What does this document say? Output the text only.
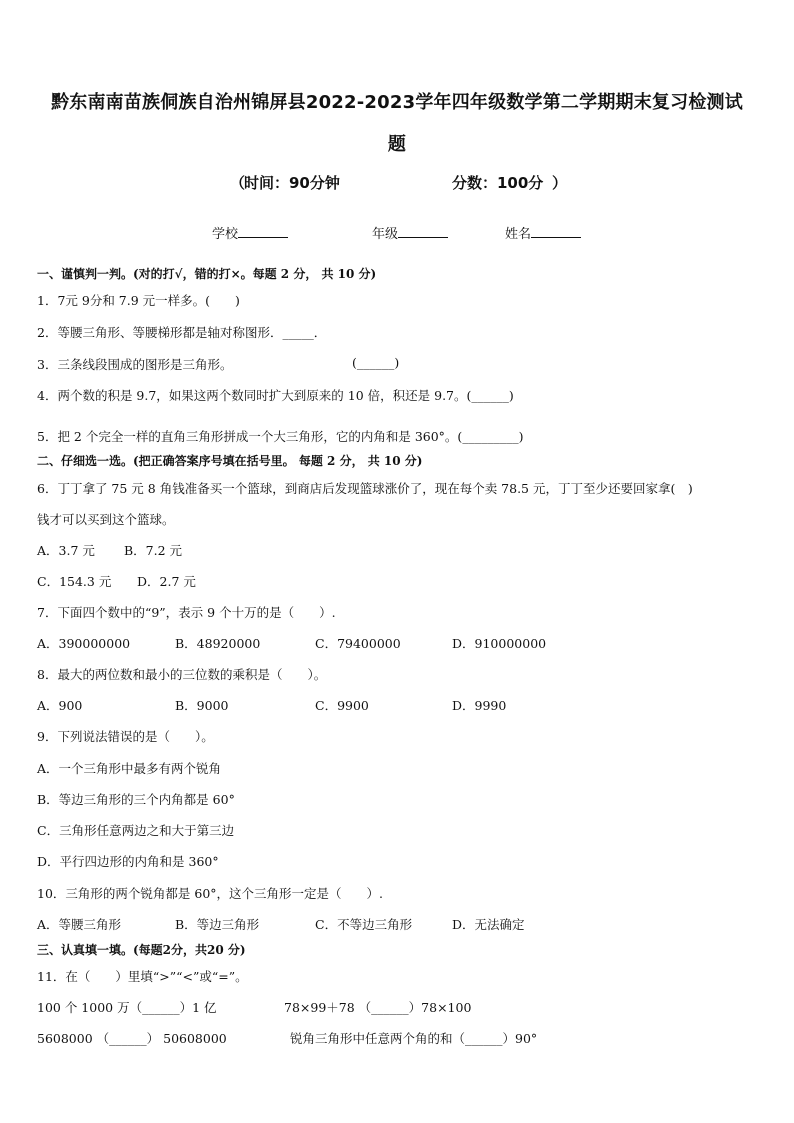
黔东南南苗族侗族自治州锦屏县2022-2023学年四年级数学第二学期期末复习检测试
题
（
时间：90分钟	分数：100分 ）
学校	年级	姓名
一、谨慎判一判。(对的打√，错的打×。每题 2 分， 共 10 分)
1．7元 9分和 7.9 元一样多。(　　)
2．等腰三角形、等腰梯形都是轴对称图形．_____．
3．三条线段围成的图形是三角形。	(______)
4．两个数的积是 9.7，如果这两个数同时扩大到原来的 10 倍，积还是 9.7。(______)
5．把 2 个完全一样的直角三角形拼成一个大三角形，它的内角和是 360°。(_________)
二、仔细选一选。(把正确答案序号填在括号里。 每题 2 分， 共 10 分)
6．丁丁拿了 75 元 8 角钱准备买一个篮球，到商店后发现篮球涨价了，现在每个卖 78.5 元，丁丁至少还要回家拿(　)
钱才可以买到这个篮球。
A．3.7 元 B．7.2 元
C．154.3 元 D．2.7 元
7．下面四个数中的“9”，表示 9 个十万的是（　　）.
A．390000000	B．48920000	C．79400000	D．910000000
8．最大的两位数和最小的三位数的乘积是（　　）。
A．900	B．9000	C．9900	D．9990
9．下列说法错误的是（　　）。
A．一个三角形中最多有两个锐角
B．等边三角形的三个内角都是 60°
C．三角形任意两边之和大于第三边
D．平行四边形的内角和是 360°
10．三角形的两个锐角都是 60°，这个三角形一定是（　　）.
A．等腰三角形	B．等边三角形	C．不等边三角形	D．无法确定
三、认真填一填。(每题2分，共20 分)
11．在（　　）里填“>”“<”或“=”。
100 个 1000 万（______）1 亿	78×99＋78 （______）78×100
5608000 （______） 50608000	锐角三角形中任意两个角的和（______）90°
